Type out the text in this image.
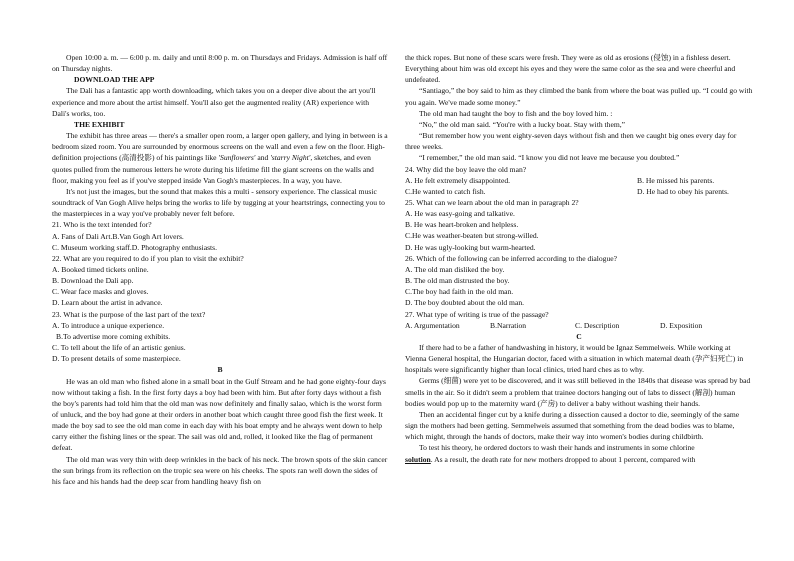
Open 10:00 a. m. — 6:00 p. m. daily and until 8:00 p. m. on Thursdays and Fridays. Admission is half off on Thursday nights.

DOWNLOAD THE APP

The Dali has a fantastic app worth downloading, which takes you on a deeper dive about the art you'll experience and more about the artist himself. You'll also get the augmented reality (AR) experience with Dali's works, too.

THE EXHIBIT

The exhibit has three areas — there's a smaller open room, a larger open gallery, and lying in between is a bedroom sized room. You are surrounded by enormous screens on the wall and even a few on the floor. High-definition projections (高清投影) of his paintings like 'Sunflowers' and 'starry Night', sketches, and even quotes pulled from the numerous letters he wrote during his lifetime fill the giant screens on the walls and floor, making you feel as if you've stepped inside Van Gogh's masterpieces. In a way, you have.

It's not just the images, but the sound that makes this a multi - sensory experience. The classical music soundtrack of Van Gogh Alive helps bring the works to life by tugging at your heartstrings, connecting you to the masterpieces in a way you've probably never felt before.

21. Who is the text intended for?

A. Fans of Dali Art.B.Van Gogh Art lovers.

C. Museum working staff.D. Photography enthusiasts.

22. What are you required to do if you plan to visit the exhibit?

A. Booked timed tickets online.

B. Download the Dali app.

C. Wear face masks and gloves.

D. Learn about the artist in advance.

23. What is the purpose of the last part of the text?

A. To introduce a unique experience.

B.To advertise more coming exhibits.

C. To tell about the life of an artistic genius.

D. To present details of some masterpiece.

B

He was an old man who fished alone in a small boat in the Gulf Stream and he had gone eighty-four days now without taking a fish. In the first forty days a boy had been with him. But after forty days without a fish the boy's parents had told him that the old man was now definitely and finally salao, which is the worst form of unluck, and the boy had gone at their orders in another boat which caught three good fish the first week. It made the boy sad to see the old man come in each day with his boat empty and he always went down to help carry either the fishing lines or the spear. The sail was old and, rolled, it looked like the flag of permanent defeat.

The old man was very thin with deep wrinkles in the back of his neck. The brown spots of the skin cancer the sun brings from its reflection on the tropic sea were on his cheeks. The spots ran well down the sides of his face and his hands had the deep scar from handling heavy fish on

the thick ropes. But none of these scars were fresh. They were as old as erosions (侵蚀) in a fishless desert. Everything about him was old except his eyes and they were the same color as the sea and were cheerful and undefeated.

“Santiago,” the boy said to him as they climbed the bank from where the boat was pulled up. “I could go with you again. We've made some money.”

The old man had taught the boy to fish and the boy loved him. :

“No,” the old man said. “You're with a lucky boat. Stay with them,”

“But remember how you went eighty-seven days without fish and then we caught big ones every day for three weeks.

“I remember,” the old man said. “I know you did not leave me because you doubted.”

24. Why did the boy leave the old man?

A. He felt extremely disappointed.	B. He missed his parents.
C.He wanted to catch fish.	D. He had to obey his parents.

25. What can we learn about the old man in paragraph 2?

A. He was easy-going and talkative.

B. He was heart-broken and helpless.

C.He was weather-beaten but strong-willed.

D. He was ugly-looking but warm-hearted.

26. Which of the following can be inferred according to the dialogue?

A. The old man disliked the boy.

B. The old man distrusted the boy.

C.The boy had faith in the old man.

D. The boy doubted about the old man.

27. What type of writing is true of the passage?

A. Argumentation	B.Narration	C. Description	D. Exposition

C

If there had to be a father of handwashing in history, it would be Ignaz Semmelweis. While working at Vienna General hospital, the Hungarian doctor, faced with a situation in which maternal death (孕产妇死亡) in hospitals were significantly higher than local clinics, tried hard ches as to why.

Germs (细菌) were yet to be discovered, and it was still believed in the 1840s that disease was spread by bad smells in the air. So it didn't seem a problem that trainee doctors hanging out of labs to dissect (解剖) human bodies would pop up to the maternity ward (产房) to deliver a baby without washing their hands.

Then an accidental finger cut by a knife during a dissection caused a doctor to die, seemingly of the same sign the mothers had been getting. Semmelweis assumed that something from the dead bodies was to blame, which might, through the hands of doctors, make their way into women's bodies during childbirth.

To test his theory, he ordered doctors to wash their hands and instruments in some chlorine
solution. As a result, the death rate for new mothers dropped to about 1 percent, compared with
